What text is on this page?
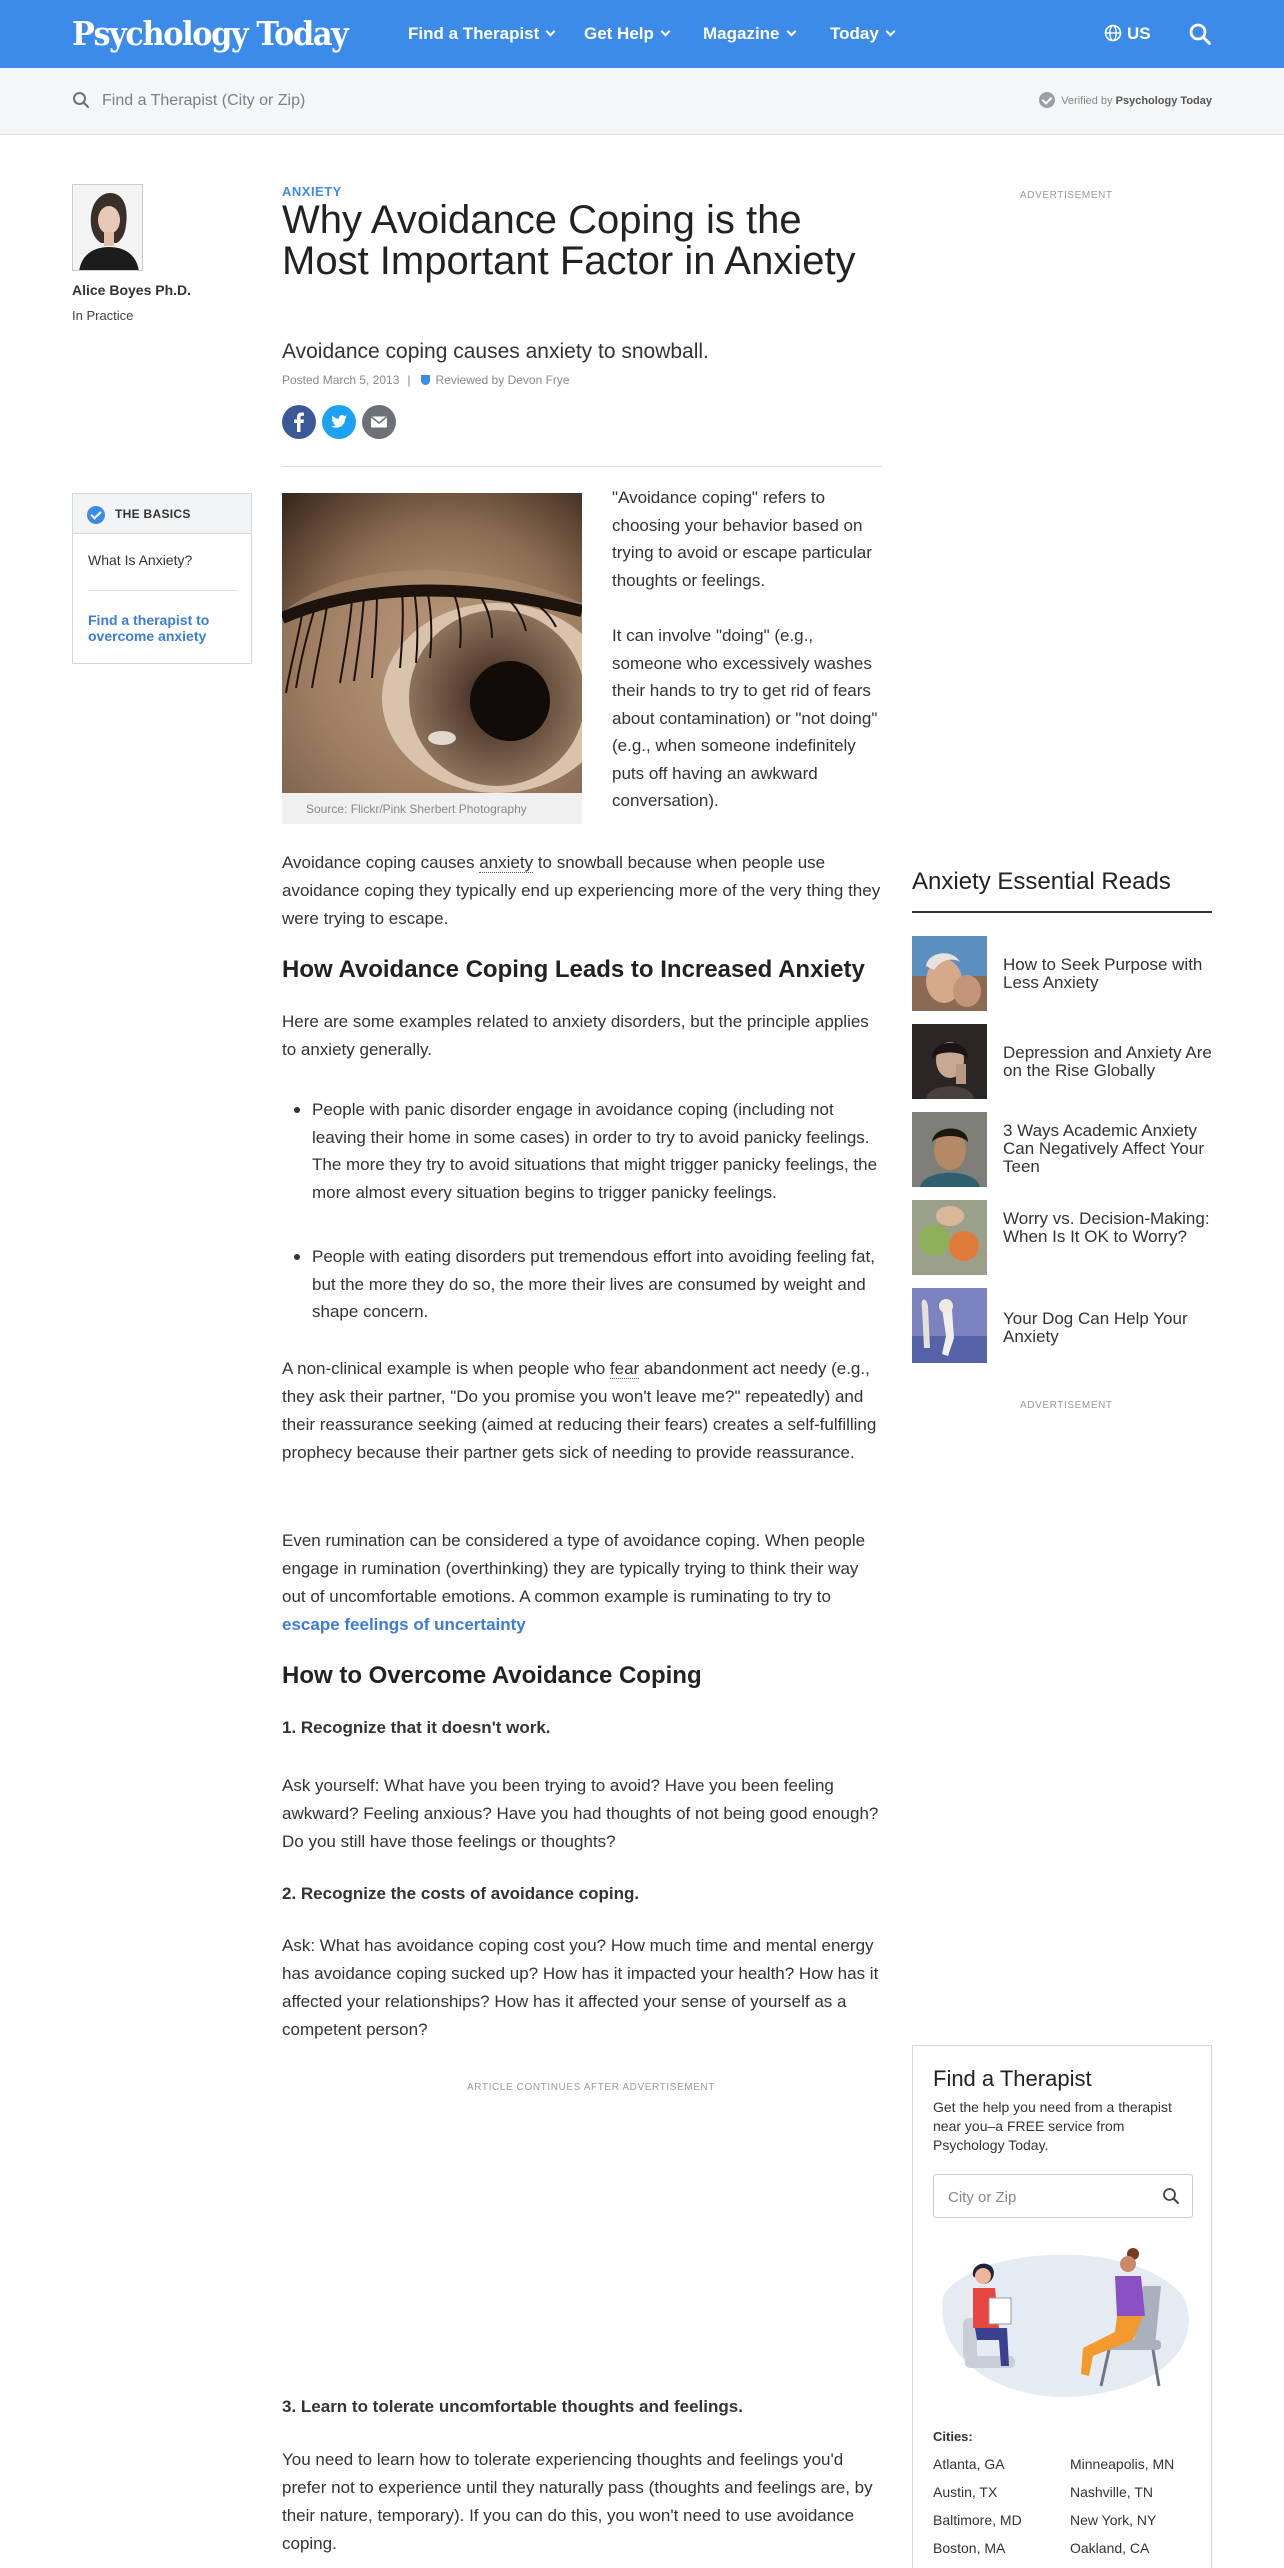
Psychology Today	Find a Therapist	Get Help	Magazine	Today	US
Find a Therapist (City or Zip)	Verified by Psychology Today
Alice Boyes Ph.D.
In Practice
THE BASICS
What Is Anxiety?
Find a therapist to overcome anxiety
ANXIETY
Why Avoidance Coping is the Most Important Factor in Anxiety
Avoidance coping causes anxiety to snowball.
Posted March 5, 2013 | Reviewed by Devon Frye
Source: Flickr/Pink Sherbert Photography
"Avoidance coping" refers to choosing your behavior based on trying to avoid or escape particular thoughts or feelings.
It can involve "doing" (e.g., someone who excessively washes their hands to try to get rid of fears about contamination) or "not doing" (e.g., when someone indefinitely puts off having an awkward conversation).
Avoidance coping causes anxiety to snowball because when people use avoidance coping they typically end up experiencing more of the very thing they were trying to escape.
How Avoidance Coping Leads to Increased Anxiety
Here are some examples related to anxiety disorders, but the principle applies to anxiety generally.
People with panic disorder engage in avoidance coping (including not leaving their home in some cases) in order to try to avoid panicky feelings. The more they try to avoid situations that might trigger panicky feelings, the more almost every situation begins to trigger panicky feelings.
People with eating disorders put tremendous effort into avoiding feeling fat, but the more they do so, the more their lives are consumed by weight and shape concern.
A non-clinical example is when people who fear abandonment act needy (e.g., they ask their partner, "Do you promise you won't leave me?" repeatedly) and their reassurance seeking (aimed at reducing their fears) creates a self-fulfilling prophecy because their partner gets sick of needing to provide reassurance.
Even rumination can be considered a type of avoidance coping. When people engage in rumination (overthinking) they are typically trying to think their way out of uncomfortable emotions. A common example is ruminating to try to escape feelings of uncertainty
How to Overcome Avoidance Coping
1. Recognize that it doesn't work.
Ask yourself: What have you been trying to avoid? Have you been feeling awkward? Feeling anxious? Have you had thoughts of not being good enough? Do you still have those feelings or thoughts?
2. Recognize the costs of avoidance coping.
Ask: What has avoidance coping cost you? How much time and mental energy has avoidance coping sucked up? How has it impacted your health? How has it affected your relationships? How has it affected your sense of yourself as a competent person?
ARTICLE CONTINUES AFTER ADVERTISEMENT
3. Learn to tolerate uncomfortable thoughts and feelings.
You need to learn how to tolerate experiencing thoughts and feelings you'd prefer not to experience until they naturally pass (thoughts and feelings are, by their nature, temporary). If you can do this, you won't need to use avoidance coping.
ADVERTISEMENT
Anxiety Essential Reads
How to Seek Purpose with Less Anxiety
Depression and Anxiety Are on the Rise Globally
3 Ways Academic Anxiety Can Negatively Affect Your Teen
Worry vs. Decision-Making: When Is It OK to Worry?
Your Dog Can Help Your Anxiety
ADVERTISEMENT
Find a Therapist
Get the help you need from a therapist near you–a FREE service from Psychology Today.
City or Zip
Cities:
Atlanta, GA	Minneapolis, MN
Austin, TX	Nashville, TN
Baltimore, MD	New York, NY
Boston, MA	Oakland, CA
